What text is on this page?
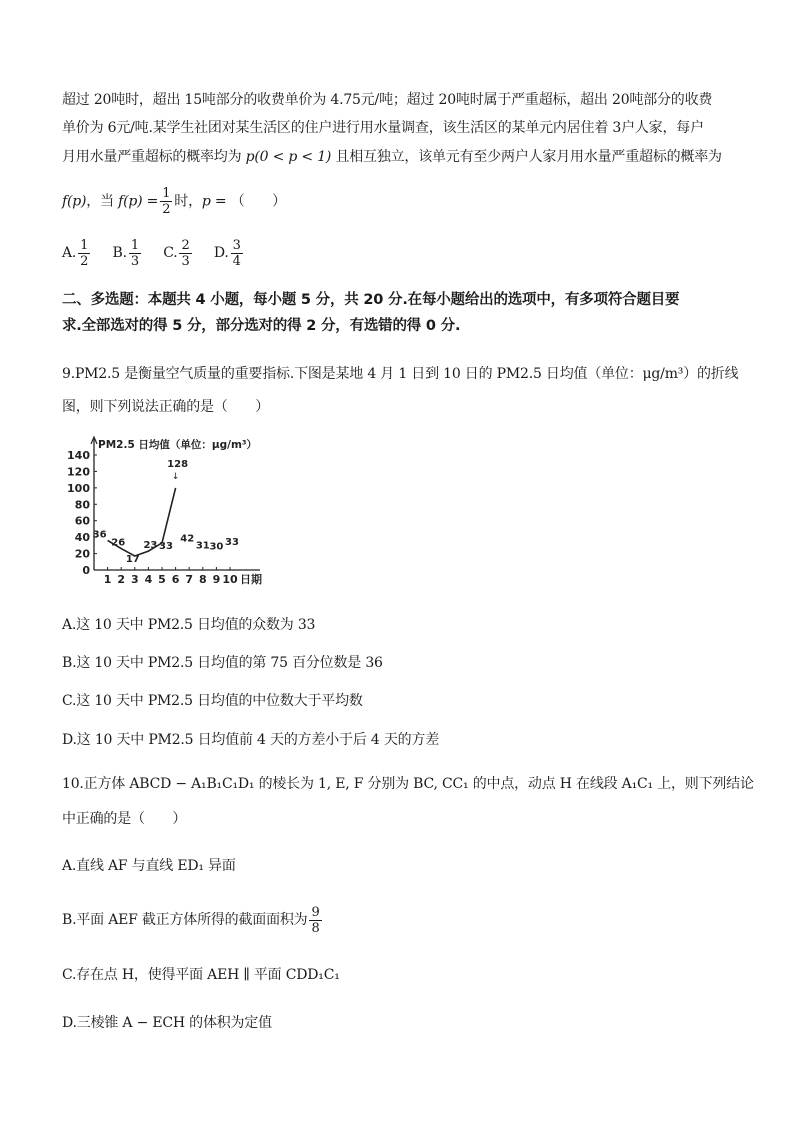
超过 20吨时，超出 15吨部分的收费单价为 4.75元/吨；超过 20吨时属于严重超标，超出 20吨部分的收费
单价为 6元/吨.某学生社团对某生活区的住户进行用水量调查，该生活区的某单元内居住着 3户人家，每户
月用水量严重超标的概率均为 p(0 < p < 1) 且相互独立，该单元有至少两户人家月用水量严重超标的概率为
f(p)，当 $f(p) = \frac{1}{2}$ 时，p = （　　）
A. $\frac{1}{2}$
B. $\frac{1}{3}$
C. $\frac{2}{3}$
D. $\frac{3}{4}$
二、多选题：本题共 4 小题，每小题 5 分，共 20 分.在每小题给出的选项中，有多项符合题目要
求.全部选对的得 5 分，部分选对的得 2 分，有选错的得 0 分.
9.PM2.5 是衡量空气质量的重要指标.下图是某地 4 月 1 日到 10 日的 PM2.5 日均值（单位：μg/m³）的折线
图，则下列说法正确的是（　　）
A.这 10 天中 PM2.5 日均值的众数为 33
B.这 10 天中 PM2.5 日均值的第 75 百分位数是 36
C.这 10 天中 PM2.5 日均值的中位数大于平均数
D.这 10 天中 PM2.5 日均值前 4 天的方差小于后 4 天的方差
10.正方体 ABCD − A₁B₁C₁D₁ 的棱长为 1, E, F 分别为 BC, CC₁ 的中点，动点 H 在线段 A₁C₁ 上，则下列结论
中正确的是（　　）
A.直线 AF 与直线 ED₁ 异面
B.平面 AEF 截正方体所得的截面面积为 $\frac{9}{8}$
C.存在点 H，使得平面 AEH ∥ 平面 CDD₁C₁
D.三棱锥 A − ECH 的体积为定值
PM2.5 日均值（单位：μg/m³）
0
20
40
60
80
100
120
140
1 2 3 4 5 6 7 8 9 10 日期
↓
36
26
17
23 33
128
42
31 30 33
